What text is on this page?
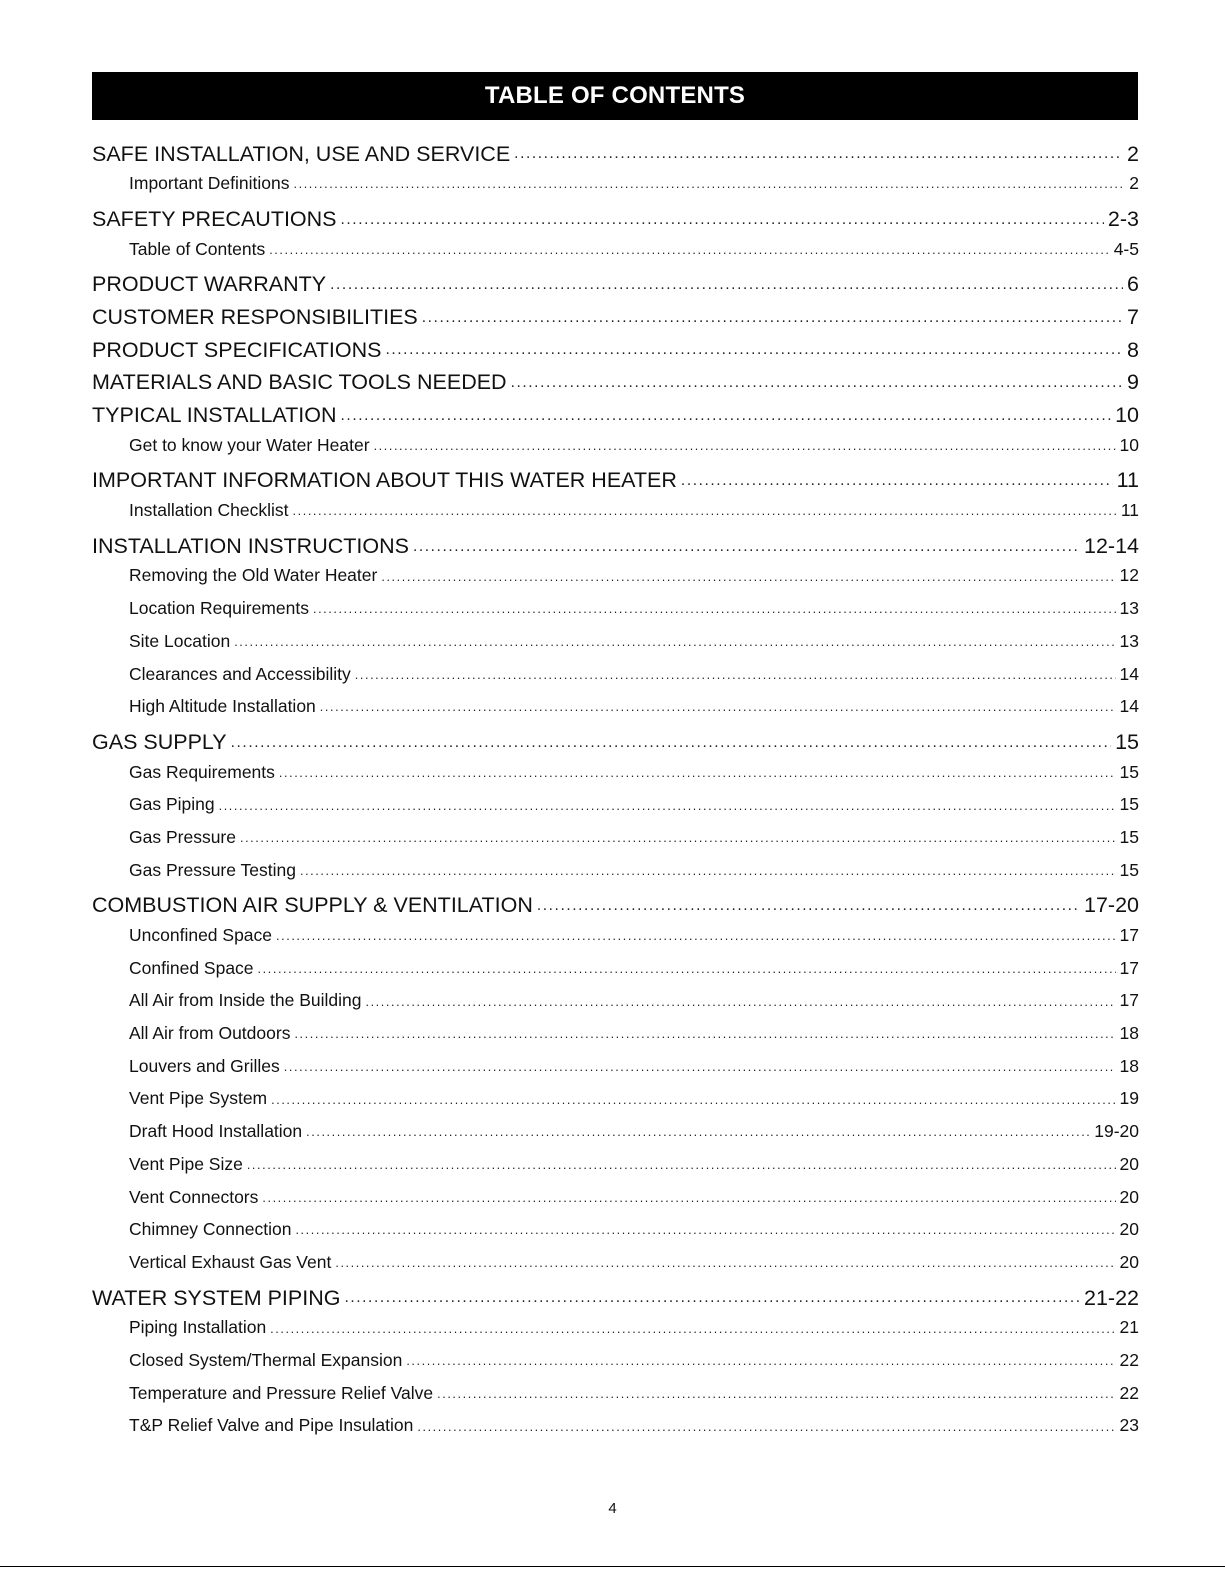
TABLE OF CONTENTS
SAFE INSTALLATION, USE AND SERVICE .....	2
Important Definitions .....	2
SAFETY PRECAUTIONS .....	2-3
Table of Contents .....	4-5
PRODUCT WARRANTY .....	6
CUSTOMER RESPONSIBILITIES .....	7
PRODUCT SPECIFICATIONS .....	8
MATERIALS AND BASIC TOOLS NEEDED .....	9
TYPICAL INSTALLATION .....	10
Get to know your Water Heater .....	10
IMPORTANT INFORMATION ABOUT THIS WATER HEATER .....	11
Installation Checklist .....	11
INSTALLATION INSTRUCTIONS .....	12-14
Removing the Old Water Heater .....	12
Location Requirements .....	13
Site Location .....	13
Clearances and Accessibility .....	14
High Altitude Installation .....	14
GAS SUPPLY .....	15
Gas Requirements .....	15
Gas Piping .....	15
Gas Pressure .....	15
Gas Pressure Testing .....	15
COMBUSTION AIR SUPPLY & VENTILATION .....	17-20
Unconfined Space .....	17
Confined Space .....	17
All Air from Inside the Building .....	17
All Air from Outdoors .....	18
Louvers and Grilles .....	18
Vent Pipe System .....	19
Draft Hood Installation .....	19-20
Vent Pipe Size .....	20
Vent Connectors .....	20
Chimney Connection .....	20
Vertical Exhaust Gas Vent .....	20
WATER SYSTEM PIPING .....	21-22
Piping Installation .....	21
Closed System/Thermal Expansion .....	22
Temperature and Pressure Relief Valve .....	22
T&P Relief Valve and Pipe Insulation .....	23
4
